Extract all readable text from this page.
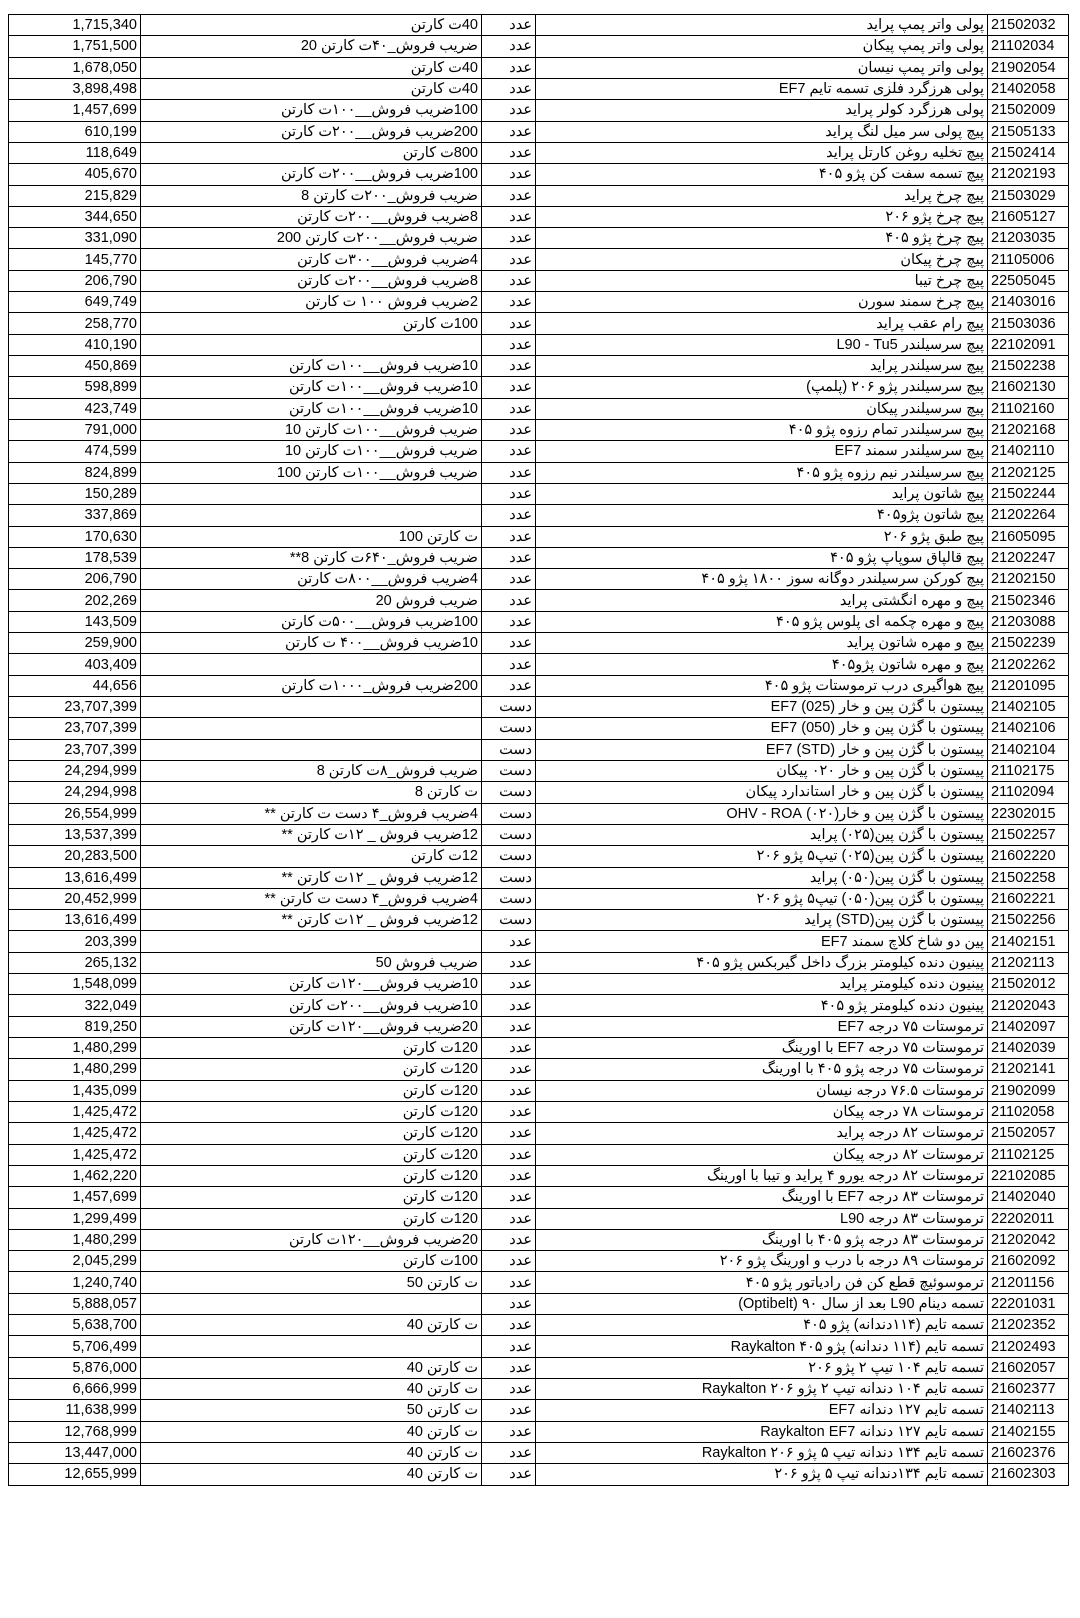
1,715,340	40ت کارتن	عدد	پولی واتر پمپ پراید	21502032
1,751,500	ضریب فروش_۴۰ت کارتن 20	عدد	پولی واتر پمپ پیکان	21102034
1,678,050	40ت کارتن	عدد	پولی واتر پمپ نیسان	21902054
3,898,498	40ت کارتن	عدد	پولی هرزگرد فلزی تسمه تایم EF7	21402058
1,457,699	100ضریب فروش__۱۰۰ت کارتن	عدد	پولی هرزگرد کولر پراید	21502009
610,199	200ضریب فروش__۲۰۰ت کارتن	عدد	پیچ پولی سر میل لنگ پراید	21505133
118,649	800ت کارتن	عدد	پیچ تخلیه روغن کارتل پراید	21502414
405,670	100ضریب فروش__۲۰۰ت کارتن	عدد	پیچ تسمه سفت کن پژو ۴۰۵	21202193
215,829	ضریب فروش_۲۰۰ت کارتن 8	عدد	پیچ چرخ پراید	21503029
344,650	8ضریب فروش__۲۰۰ت کارتن	عدد	پیچ چرخ پژو ۲۰۶	21605127
331,090	ضریب فروش__۲۰۰ت کارتن 200	عدد	پیچ چرخ پژو ۴۰۵	21203035
145,770	4ضریب فروش__۳۰۰ت کارتن	عدد	پیچ چرخ پیکان	21105006
206,790	8ضریب فروش__۲۰۰ت کارتن	عدد	پیچ چرخ تیبا	22505045
649,749	2ضریب فروش ۱۰۰ ت کارتن	عدد	پیچ چرخ سمند سورن	21403016
258,770	100ت کارتن	عدد	پیچ رام عقب پراید	21503036
410,190		عدد	پیچ سرسیلندر L90 - Tu5	22102091
450,869	10ضریب فروش__۱۰۰ت کارتن	عدد	پیچ سرسیلندر پراید	21502238
598,899	10ضریب فروش__۱۰۰ت کارتن	عدد	پیچ سرسیلندر پژو ۲۰۶ (پلمپ)	21602130
423,749	10ضریب فروش__۱۰۰ت کارتن	عدد	پیچ سرسیلندر پیکان	21102160
791,000	ضریب فروش__۱۰۰ت کارتن 10	عدد	پیچ سرسیلندر تمام رزوه پژو ۴۰۵	21202168
474,599	ضریب فروش__۱۰۰ت کارتن 10	عدد	پیچ سرسیلندر سمند EF7	21402110
824,899	ضریب فروش__۱۰۰ت کارتن 100	عدد	پیچ سرسیلندر نیم رزوه پژو ۴۰۵	21202125
150,289		عدد	پیچ شاتون پراید	21502244
337,869		عدد	پیچ شاتون پژو۴۰۵	21202264
170,630	ت کارتن 100	عدد	پیچ طبق پژو ۲۰۶	21605095
178,539	ضریب فروش_۶۴۰ت کارتن 8**	عدد	پیچ قالپاق سوپاپ پژو ۴۰۵	21202247
206,790	4ضریب فروش__۸۰۰ت کارتن	عدد	پیچ کورکن سرسیلندر دوگانه سوز ۱۸۰۰ پژو ۴۰۵	21202150
202,269	ضریب فروش 20	عدد	پیچ و مهره انگشتی پراید	21502346
143,509	100ضریب فروش__۵۰۰ت کارتن	عدد	پیچ و مهره چکمه ای پلوس پژو ۴۰۵	21203088
259,900	10ضریب فروش__۴۰۰ ت کارتن	عدد	پیچ و مهره شاتون پراید	21502239
403,409		عدد	پیچ و مهره شاتون پژو۴۰۵	21202262
44,656	200ضریب فروش_۱۰۰۰ت کارتن	عدد	پیچ هواگیری درب ترموستات پژو ۴۰۵	21201095
23,707,399		دست	پیستون با گژن پین و خار (025) EF7	21402105
23,707,399		دست	پیستون با گژن پین و خار (050) EF7	21402106
23,707,399		دست	پیستون با گژن پین و خار (STD) EF7	21402104
24,294,999	ضریب فروش_۸ت کارتن 8	دست	پیستون با گژن پین و خار ۰۲۰ پیکان	21102175
24,294,998	ت کارتن 8	دست	پیستون با گژن پین و خار استاندارد پیکان	21102094
26,554,999	4ضریب فروش_۴ دست ت کارتن **	دست	پیستون با گژن پین و خار(۰۲۰) OHV - ROA	22302015
13,537,399	12ضریب فروش _ ۱۲ت کارتن **	دست	پیستون با گژن پین(۰۲۵) پراید	21502257
20,283,500	12ت کارتن	دست	پیستون با گژن پین(۰۲۵) تیپ۵ پژو ۲۰۶	21602220
13,616,499	12ضریب فروش _ ۱۲ت کارتن **	دست	پیستون با گژن پین(۰۵۰) پراید	21502258
20,452,999	4ضریب فروش_۴ دست ت کارتن **	دست	پیستون با گژن پین(۰۵۰) تیپ۵ پژو ۲۰۶	21602221
13,616,499	12ضریب فروش _ ۱۲ت کارتن **	دست	پیستون با گژن پین(STD) پراید	21502256
203,399		عدد	پین دو شاخ کلاچ سمند EF7	21402151
265,132	ضریب فروش 50	عدد	پینیون دنده کیلومتر بزرگ داخل گیربکس پژو ۴۰۵	21202113
1,548,099	10ضریب فروش__۱۲۰ت کارتن	عدد	پینیون دنده کیلومتر پراید	21502012
322,049	10ضریب فروش__۲۰۰ت کارتن	عدد	پینیون دنده کیلومتر پژو ۴۰۵	21202043
819,250	20ضریب فروش__۱۲۰ت کارتن	عدد	ترموستات ۷۵ درجه EF7	21402097
1,480,299	120ت کارتن	عدد	ترموستات ۷۵ درجه EF7 با اورینگ	21402039
1,480,299	120ت کارتن	عدد	ترموستات ۷۵ درجه پژو ۴۰۵ با اورینگ	21202141
1,435,099	120ت کارتن	عدد	ترموستات ۷۶.۵ درجه نیسان	21902099
1,425,472	120ت کارتن	عدد	ترموستات ۷۸ درجه پیکان	21102058
1,425,472	120ت کارتن	عدد	ترموستات ۸۲ درجه پراید	21502057
1,425,472	120ت کارتن	عدد	ترموستات ۸۲ درجه پیکان	21102125
1,462,220	120ت کارتن	عدد	ترموستات ۸۲ درجه یورو ۴ پراید و تیبا با اورینگ	22102085
1,457,699	120ت کارتن	عدد	ترموستات ۸۳ درجه EF7 با اورینگ	21402040
1,299,499	120ت کارتن	عدد	ترموستات ۸۳ درجه L90	22202011
1,480,299	20ضریب فروش__۱۲۰ت کارتن	عدد	ترموستات ۸۳ درجه پژو ۴۰۵ با اورینگ	21202042
2,045,299	100ت کارتن	عدد	ترموستات ۸۹ درجه با درب و اورینگ پژو ۲۰۶	21602092
1,240,740	ت کارتن 50	عدد	ترموسوئیچ قطع کن فن رادیاتور پژو ۴۰۵	21201156
5,888,057		عدد	تسمه دینام L90 بعد از سال ۹۰ (Optibelt)	22201031
5,638,700	ت کارتن 40	عدد	تسمه تایم (۱۱۴دندانه) پژو ۴۰۵	21202352
5,706,499		عدد	تسمه تایم (۱۱۴ دندانه) پژو ۴۰۵ Raykalton	21202493
5,876,000	ت کارتن 40	عدد	تسمه تایم ۱۰۴ تیپ ۲ پژو ۲۰۶	21602057
6,666,999	ت کارتن 40	عدد	تسمه تایم ۱۰۴ دندانه تیپ ۲ پژو ۲۰۶ Raykalton	21602377
11,638,999	ت کارتن 50	عدد	تسمه تایم ۱۲۷ دندانه EF7	21402113
12,768,999	ت کارتن 40	عدد	تسمه تایم ۱۲۷ دندانه Raykalton EF7	21402155
13,447,000	ت کارتن 40	عدد	تسمه تایم ۱۳۴ دندانه تیپ ۵ پژو ۲۰۶ Raykalton	21602376
12,655,999	ت کارتن 40	عدد	تسمه تایم ۱۳۴دندانه تیپ ۵ پژو ۲۰۶	21602303
